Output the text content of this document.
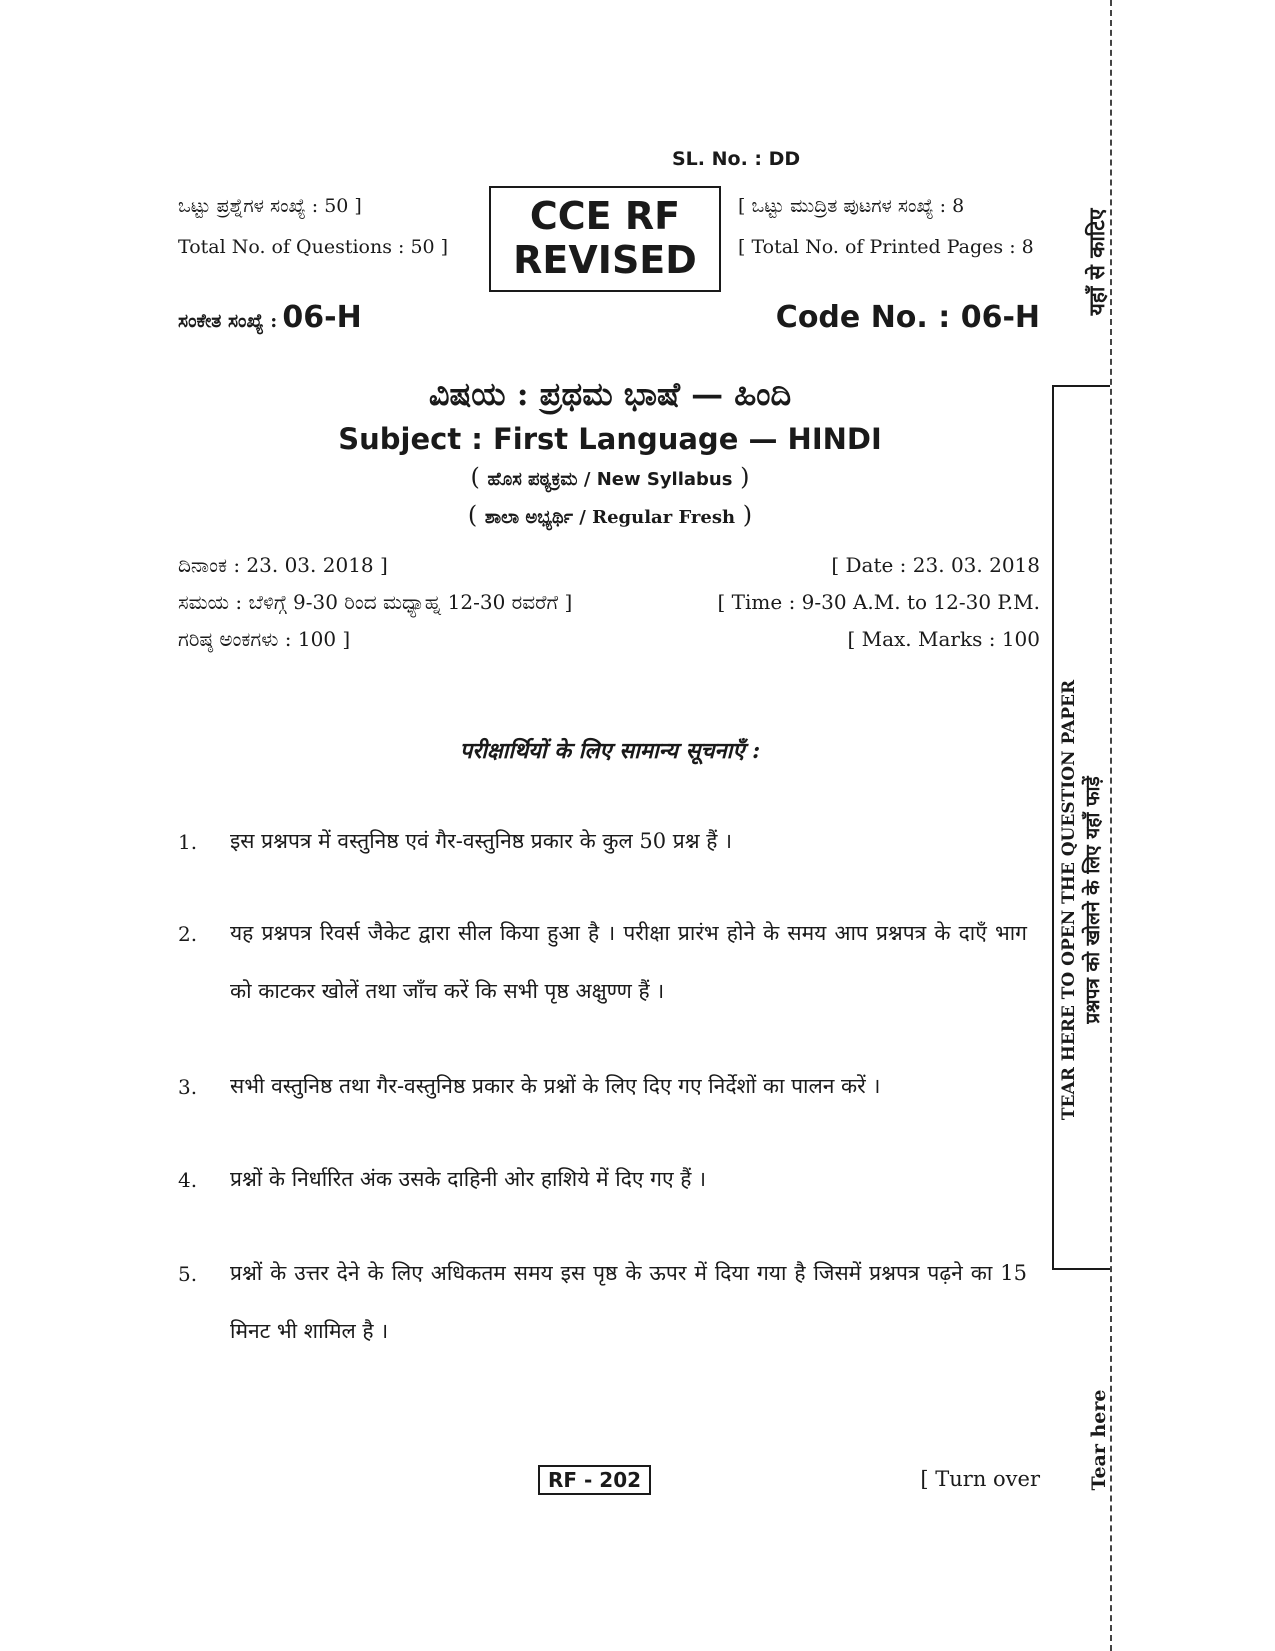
SL. No. : DD
ಒಟ್ಟು ಪ್ರಶ್ನೆಗಳ ಸಂಖ್ಯೆ : 50 ]
Total No. of Questions : 50 ]
CCE RF
REVISED
[ ಒಟ್ಟು ಮುದ್ರಿತ ಪುಟಗಳ ಸಂಖ್ಯೆ : 8
[ Total No. of Printed Pages : 8
ಸಂಕೇತ ಸಂಖ್ಯೆ : 06-H	Code No. : 06-H
ವಿಷಯ : ಪ್ರಥಮ ಭಾಷೆ — ಹಿಂದಿ
Subject : First Language — HINDI
( ಹೊಸ ಪಠ್ಯಕ್ರಮ / New Syllabus )
( ಶಾಲಾ ಅಭ್ಯರ್ಥಿ / Regular Fresh )
ದಿನಾಂಕ : 23. 03. 2018 ]	[ Date : 23. 03. 2018
ಸಮಯ : ಬೆಳಿಗ್ಗೆ 9-30 ರಿಂದ ಮಧ್ಯಾಹ್ನ 12-30 ರವರೆಗೆ ]	[ Time : 9-30 A.M. to 12-30 P.M.
ಗರಿಷ್ಠ ಅಂಕಗಳು : 100 ]	[ Max. Marks : 100
परीक्षार्थियों के लिए सामान्य सूचनाएँ :
1. इस प्रश्नपत्र में वस्तुनिष्ठ एवं गैर-वस्तुनिष्ठ प्रकार के कुल 50 प्रश्न हैं ।
2. यह प्रश्नपत्र रिवर्स जैकेट द्वारा सील किया हुआ है । परीक्षा प्रारंभ होने के समय आप प्रश्नपत्र के दाएँ भाग को काटकर खोलें तथा जाँच करें कि सभी पृष्ठ अक्षुण्ण हैं ।
3. सभी वस्तुनिष्ठ तथा गैर-वस्तुनिष्ठ प्रकार के प्रश्नों के लिए दिए गए निर्देशों का पालन करें ।
4. प्रश्नों के निर्धारित अंक उसके दाहिनी ओर हाशिये में दिए गए हैं ।
5. प्रश्नों के उत्तर देने के लिए अधिकतम समय इस पृष्ठ के ऊपर में दिया गया है जिसमें प्रश्नपत्र पढ़ने का 15 मिनट भी शामिल है ।
RF - 202	[ Turn over
यहाँ से काटिए
TEAR HERE TO OPEN THE QUESTION PAPER प्रश्नपत्र को खोलने के लिए यहाँ फाड़ें
Tear here
